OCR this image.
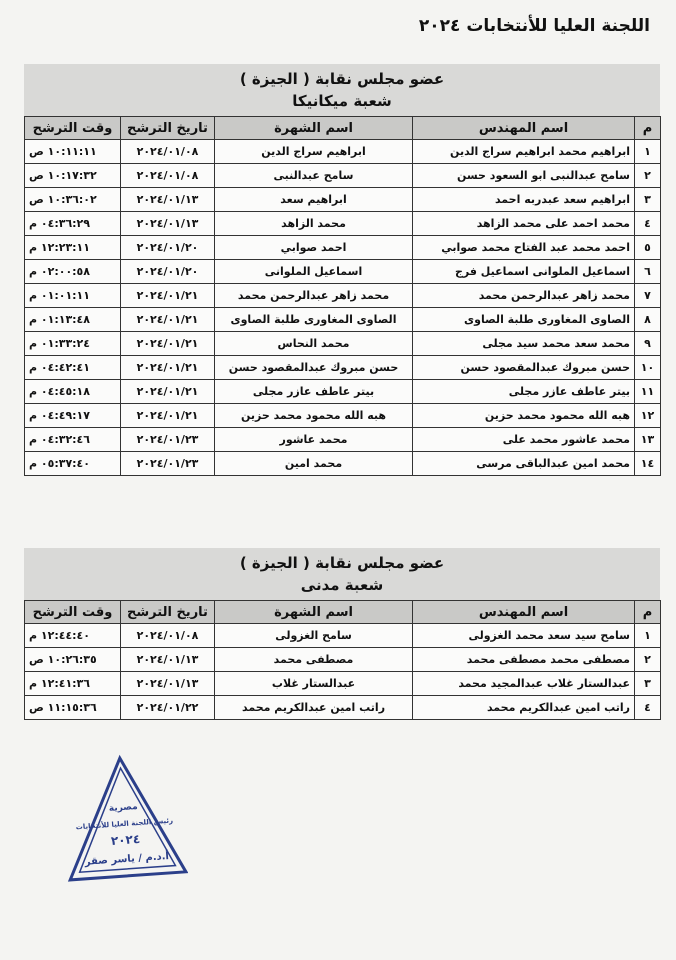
اللجنة العليا للأنتخابات ٢٠٢٤
عضو مجلس نقابة ( الجيزة )
شعبة ميكانيكا
م	اسم المهندس	اسم الشهرة	تاريخ الترشح	وقت الترشح
١	ابراهيم محمد ابراهيم سراج الدين	ابراهيم سراج الدين	٢٠٢٤/٠١/٠٨	١٠:١١:١١ ص
٢	سامح عبدالنبى ابو السعود حسن	سامح عبدالنبى	٢٠٢٤/٠١/٠٨	١٠:١٧:٣٢ ص
٣	ابراهيم سعد عبدربه احمد	ابراهيم سعد	٢٠٢٤/٠١/١٣	١٠:٣٦:٠٢ ص
٤	محمد احمد على محمد الزاهد	محمد الزاهد	٢٠٢٤/٠١/١٣	٠٤:٣٦:٢٩ م
٥	احمد محمد عبد الفتاح محمد صوابي	احمد صوابي	٢٠٢٤/٠١/٢٠	١٢:٢٣:١١ م
٦	اسماعيل الملوانى اسماعيل فرج	اسماعيل الملوانى	٢٠٢٤/٠١/٢٠	٠٢:٠٠:٥٨ م
٧	محمد زاهر عبدالرحمن محمد	محمد زاهر عبدالرحمن محمد	٢٠٢٤/٠١/٢١	٠١:٠١:١١ م
٨	الصاوى المغاورى طلبة الصاوى	الصاوى المغاورى طلبة الصاوى	٢٠٢٤/٠١/٢١	٠١:١٣:٤٨ م
٩	محمد سعد محمد سيد مجلى	محمد النحاس	٢٠٢٤/٠١/٢١	٠١:٣٣:٢٤ م
١٠	حسن مبروك عبدالمقصود حسن	حسن مبروك عبدالمقصود حسن	٢٠٢٤/٠١/٢١	٠٤:٤٢:٤١ م
١١	بيتر عاطف عازر مجلى	بيتر عاطف عازر مجلى	٢٠٢٤/٠١/٢١	٠٤:٤٥:١٨ م
١٢	هبه الله محمود محمد حزين	هبه الله محمود محمد حزين	٢٠٢٤/٠١/٢١	٠٤:٤٩:١٧ م
١٣	محمد عاشور محمد على	محمد عاشور	٢٠٢٤/٠١/٢٣	٠٤:٣٢:٤٦ م
١٤	محمد امين عبدالباقى مرسى	محمد امين	٢٠٢٤/٠١/٢٣	٠٥:٣٧:٤٠ م
عضو مجلس نقابة ( الجيزة )
شعبة مدنى
م	اسم المهندس	اسم الشهرة	تاريخ الترشح	وقت الترشح
١	سامح سيد سعد محمد الغزولى	سامح الغزولى	٢٠٢٤/٠١/٠٨	١٢:٤٤:٤٠ م
٢	مصطفى محمد مصطفى محمد	مصطفى محمد	٢٠٢٤/٠١/١٣	١٠:٢٦:٣٥ ص
٣	عبدالستار غلاب عبدالمجيد محمد	عبدالستار غلاب	٢٠٢٤/٠١/١٣	١٢:٤١:٣٦ م
٤	راتب امين عبدالكريم محمد	راتب امين عبدالكريم محمد	٢٠٢٤/٠١/٢٢	١١:١٥:٣٦ ص
مصرية
رئيس اللجنة العليا للأنتخابات
٢٠٢٤
أ.د.م / ياسر صقر
